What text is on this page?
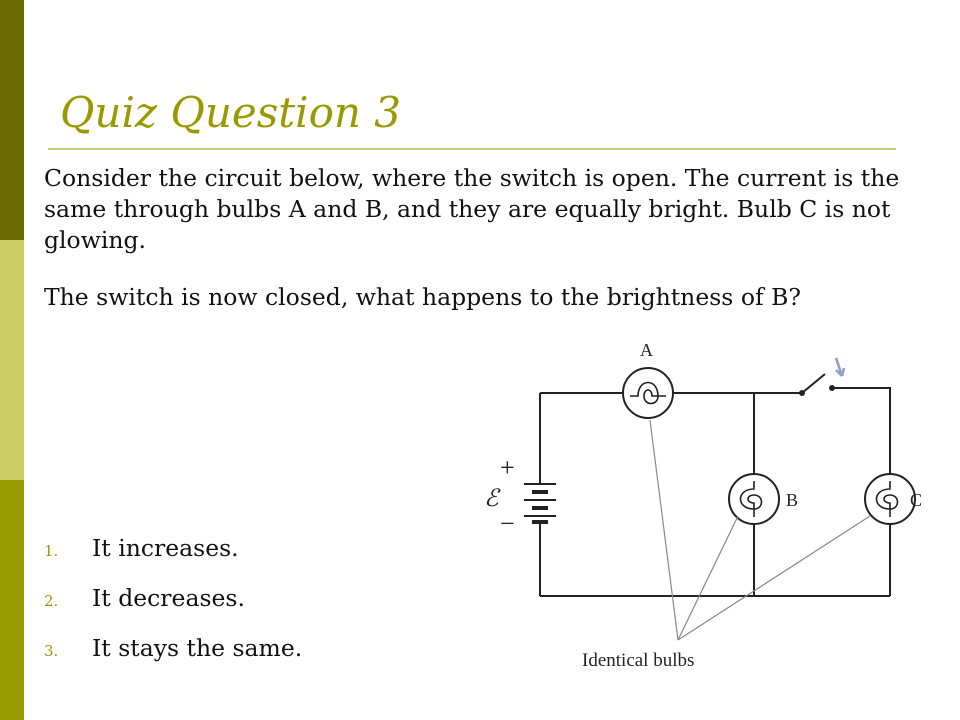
Quiz Question 3

Consider the circuit below, where the switch is open. The current is the same through bulbs A and B, and they are equally bright. Bulb C is not glowing.

The switch is now closed, what happens to the brightness of B?

1.	It increases.
2.	It decreases.
3.	It stays the same.
+
−
ℰ
A
B	C
Identical bulbs
